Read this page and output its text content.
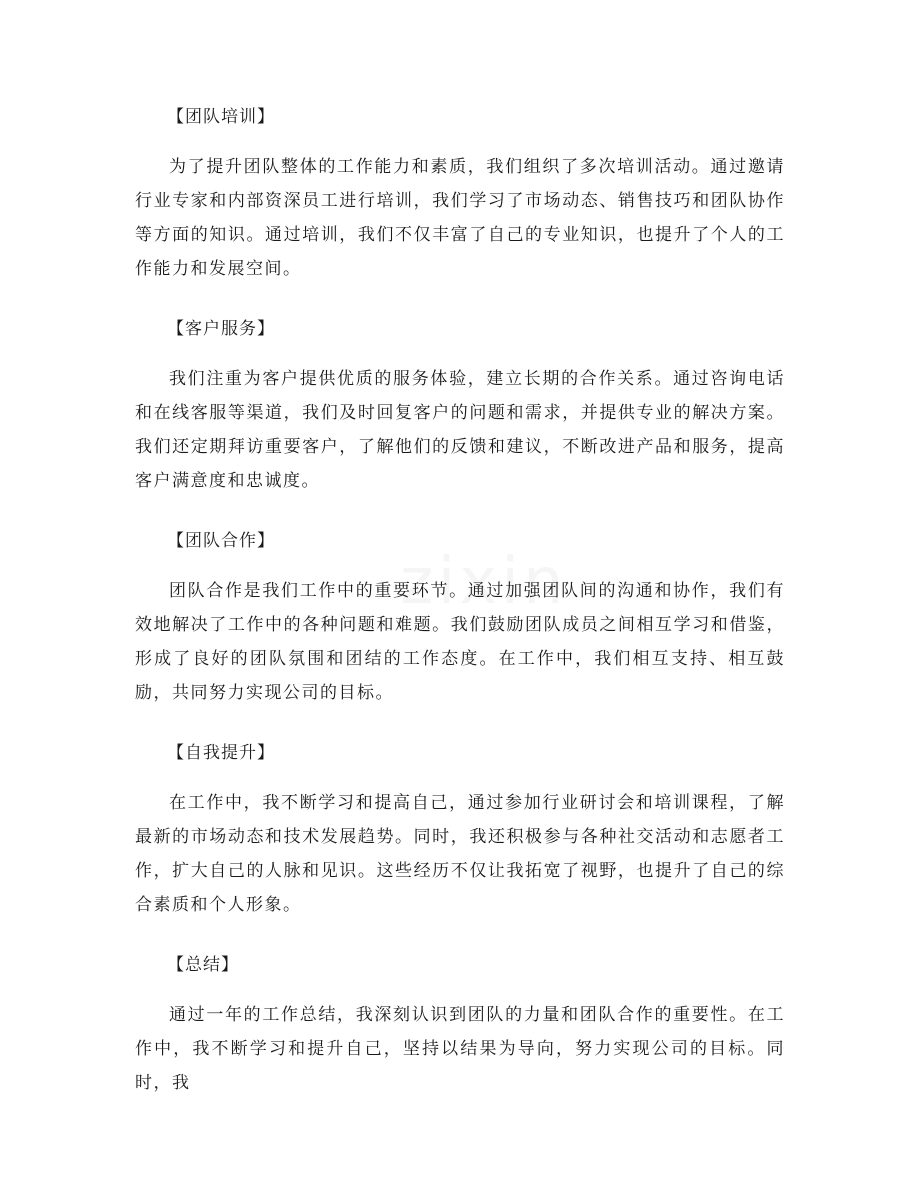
【团队培训】

为了提升团队整体的工作能力和素质，我们组织了多次培训活动。通过邀请行业专家和内部资深员工进行培训，我们学习了市场动态、销售技巧和团队协作等方面的知识。通过培训，我们不仅丰富了自己的专业知识，也提升了个人的工作能力和发展空间。

【客户服务】

我们注重为客户提供优质的服务体验，建立长期的合作关系。通过咨询电话和在线客服等渠道，我们及时回复客户的问题和需求，并提供专业的解决方案。我们还定期拜访重要客户，了解他们的反馈和建议，不断改进产品和服务，提高客户满意度和忠诚度。

【团队合作】

团队合作是我们工作中的重要环节。通过加强团队间的沟通和协作，我们有效地解决了工作中的各种问题和难题。我们鼓励团队成员之间相互学习和借鉴，形成了良好的团队氛围和团结的工作态度。在工作中，我们相互支持、相互鼓励，共同努力实现公司的目标。

【自我提升】

在工作中，我不断学习和提高自己，通过参加行业研讨会和培训课程，了解最新的市场动态和技术发展趋势。同时，我还积极参与各种社交活动和志愿者工作，扩大自己的人脉和见识。这些经历不仅让我拓宽了视野，也提升了自己的综合素质和个人形象。

【总结】

通过一年的工作总结，我深刻认识到团队的力量和团队合作的重要性。在工作中，我不断学习和提升自己，坚持以结果为导向，努力实现公司的目标。同时，我
